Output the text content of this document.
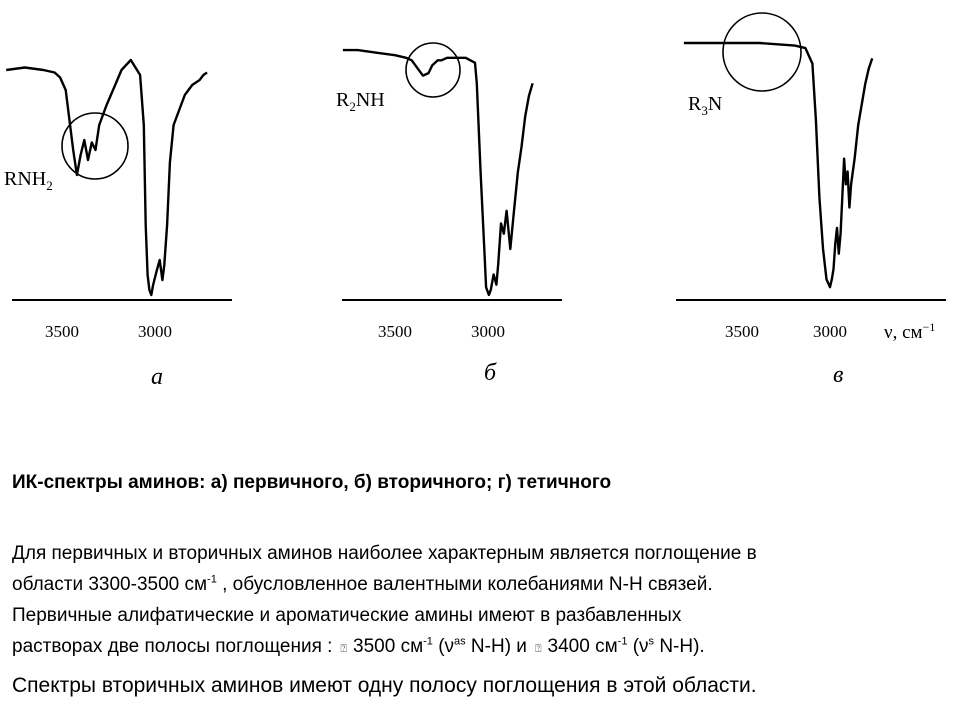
$RNH_2$
а
3500	3000
$R_2NH$
б
3500	3000
$R_3N$
в
ν, $см^{-1}$
3500	3000
ИК-спектры аминов: а) первичного, б) вторичного; г) тетичного
Для первичных и вторичных аминов наиболее характерным является поглощение в
области 3300-3500 $см^{-1}$ , обусловленное валентными колебаниями N-H связей.
Первичные алифатические и ароматические амины имеют в разбавленных
растворах две полосы поглощения : ⍰ 3500 $см^{-1}$ ($\nu^{as}$ N-H) и ⍰ 3400 $см^{-1}$ ($\nu^s$ N-H).
Спектры вторичных аминов имеют одну полосу поглощения в этой области.
